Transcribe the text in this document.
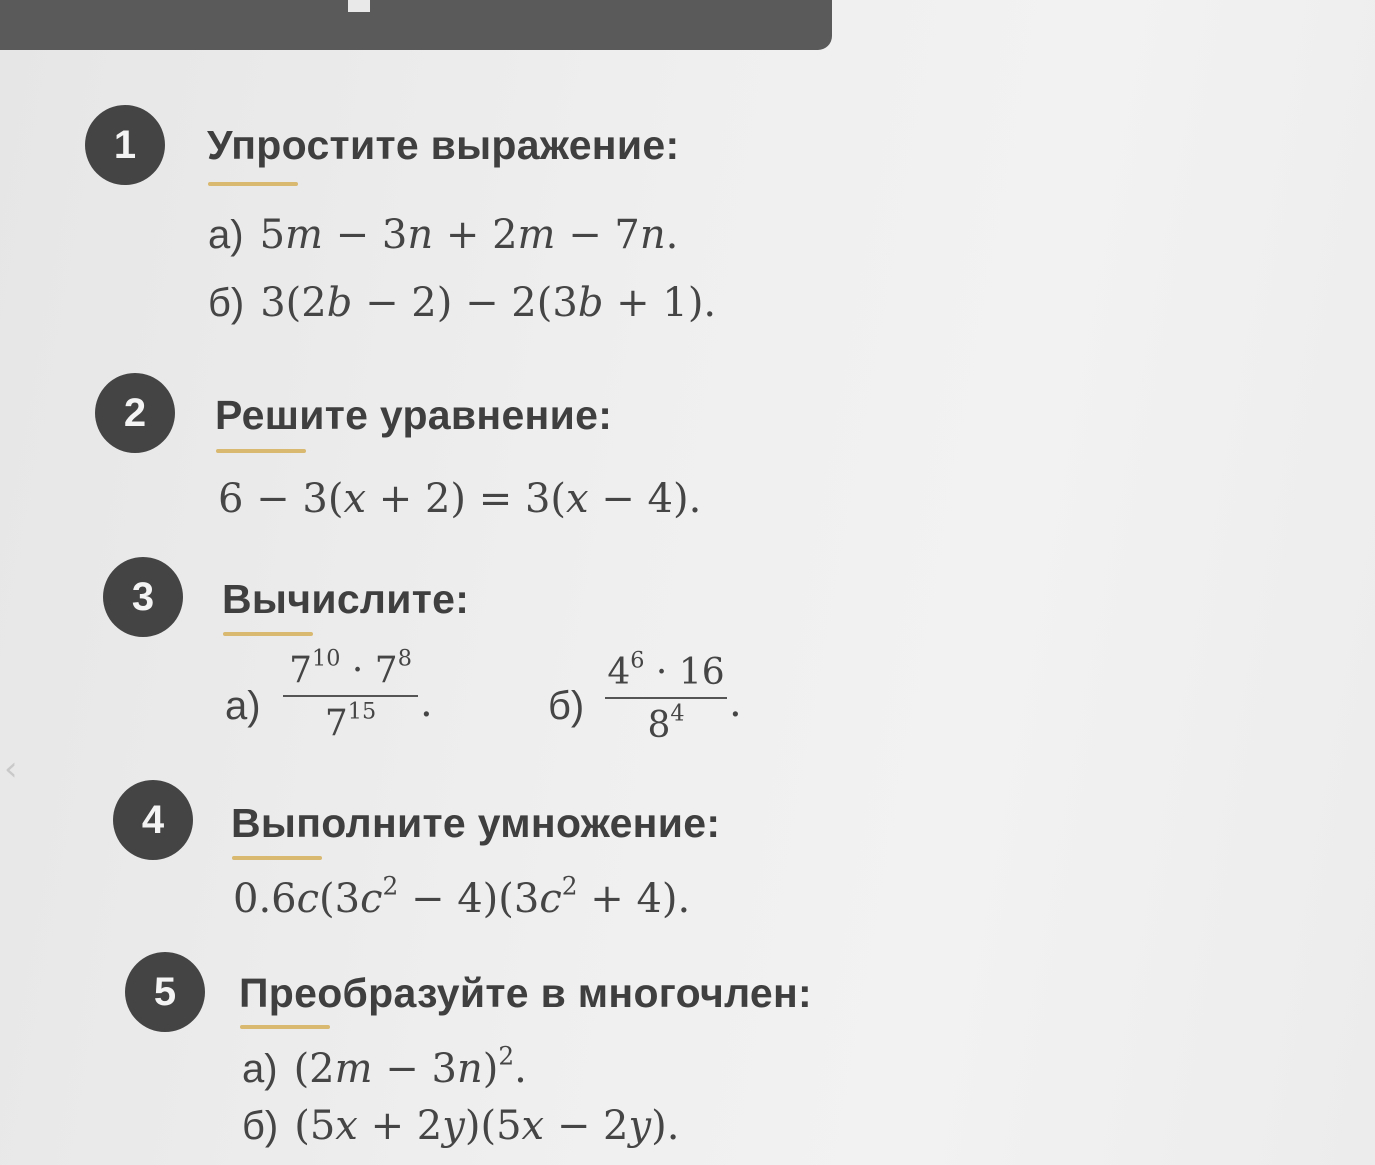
‹
1 Упростите выражение:
а) 5m − 3n + 2m − 7n.
б) 3(2b − 2) − 2(3b + 1).
2 Решите уравнение:
6 − 3(x + 2) = 3(x − 4).
3 Вычислите:
а)
$7^{10} \cdot 7^8$
$7^{15}$ .	б)
$4^6 \cdot 16$
$8^4$ .
4 Выполните умножение:
$0.6c(3c^2 - 4)(3c^2 + 4)$.
5 Преобразуйте в многочлен:
а) $(2m - 3n)^2$.
б) (5x + 2y)(5x − 2y).
